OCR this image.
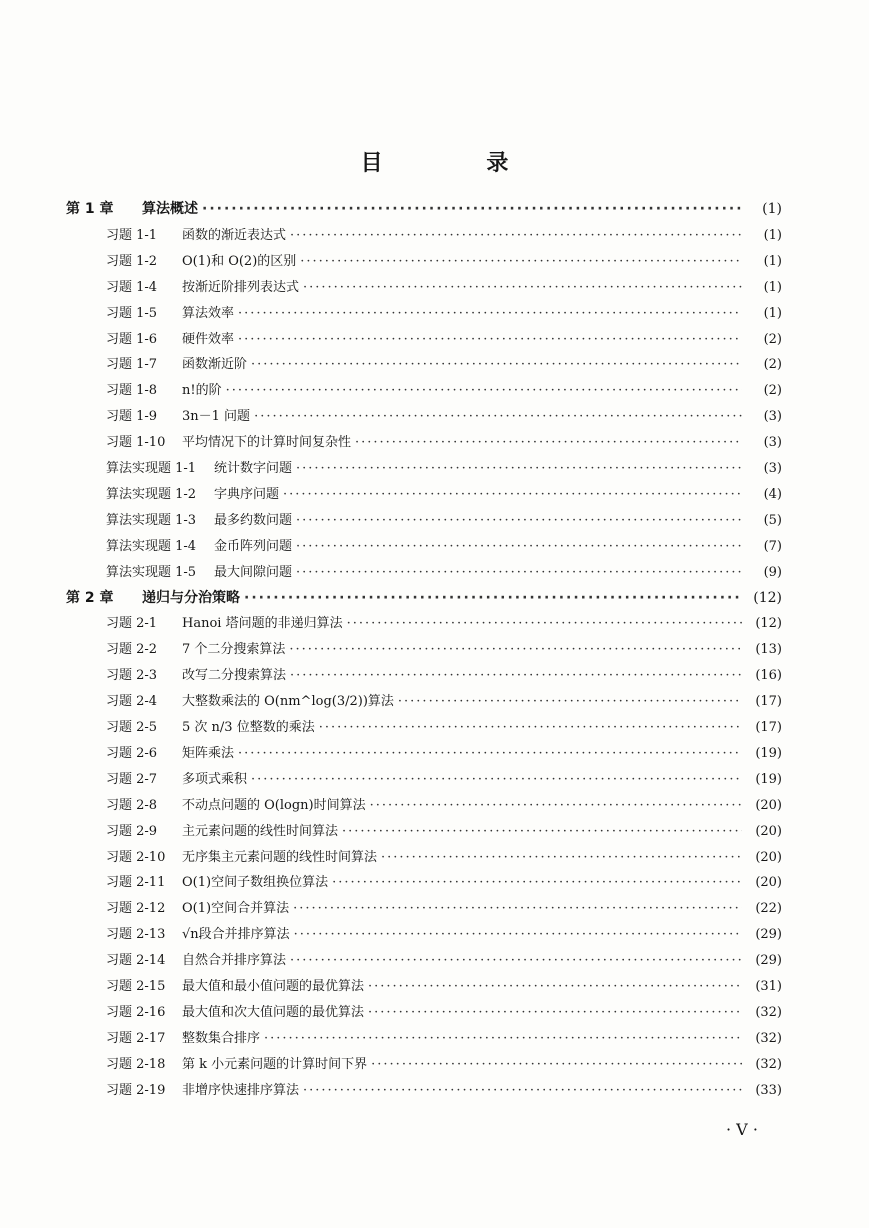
目 录
第 1 章	算法概述 ·····	(1)
习题 1-1	函数的渐近表达式 ·····	(1)
习题 1-2	O(1)和 O(2)的区别 ·····	(1)
习题 1-4	按渐近阶排列表达式 ·····	(1)
习题 1-5	算法效率 ·····	(1)
习题 1-6	硬件效率 ·····	(2)
习题 1-7	函数渐近阶 ·····	(2)
习题 1-8	n!的阶 ·····	(2)
习题 1-9	3n－1 问题 ·····	(3)
习题 1-10	平均情况下的计算时间复杂性 ·····	(3)
算法实现题 1-1	统计数字问题 ·····	(3)
算法实现题 1-2	字典序问题 ·····	(4)
算法实现题 1-3	最多约数问题 ·····	(5)
算法实现题 1-4	金币阵列问题 ·····	(7)
算法实现题 1-5	最大间隙问题 ·····	(9)
第 2 章	递归与分治策略 ·····	(12)
习题 2-1	Hanoi 塔问题的非递归算法 ·····	(12)
习题 2-2	7 个二分搜索算法 ·····	(13)
习题 2-3	改写二分搜索算法 ·····	(16)
习题 2-4	大整数乘法的 O(nm^log(3/2))算法 ·····	(17)
习题 2-5	5 次 n/3 位整数的乘法 ·····	(17)
习题 2-6	矩阵乘法 ·····	(19)
习题 2-7	多项式乘积 ·····	(19)
习题 2-8	不动点问题的 O(logn)时间算法 ·····	(20)
习题 2-9	主元素问题的线性时间算法 ·····	(20)
习题 2-10	无序集主元素问题的线性时间算法 ·····	(20)
习题 2-11	O(1)空间子数组换位算法 ·····	(20)
习题 2-12	O(1)空间合并算法 ·····	(22)
习题 2-13	√n段合并排序算法 ·····	(29)
习题 2-14	自然合并排序算法 ·····	(29)
习题 2-15	最大值和最小值问题的最优算法 ·····	(31)
习题 2-16	最大值和次大值问题的最优算法 ·····	(32)
习题 2-17	整数集合排序 ·····	(32)
习题 2-18	第 k 小元素问题的计算时间下界 ·····	(32)
习题 2-19	非增序快速排序算法 ·····	(33)
· V ·
